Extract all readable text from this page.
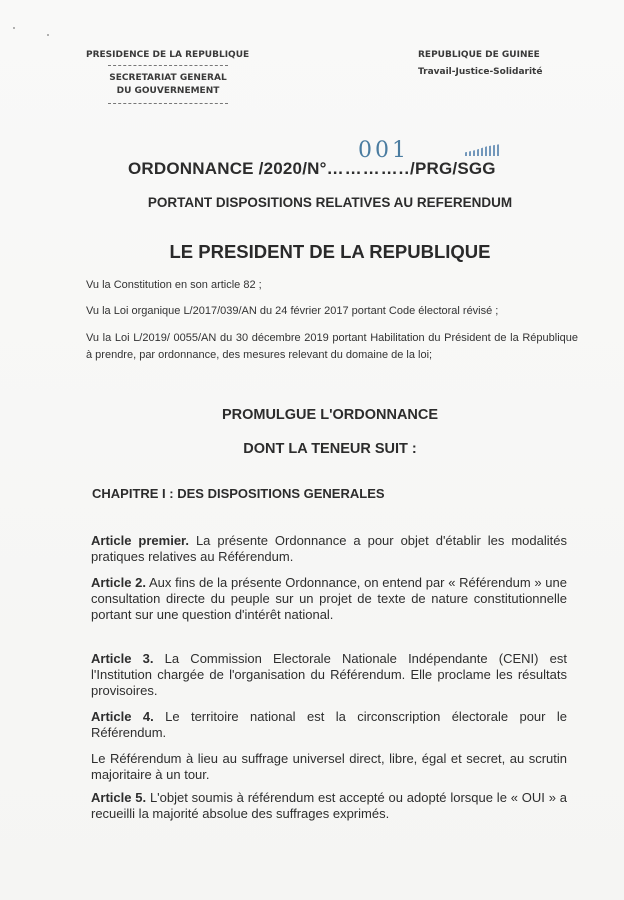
PRESIDENCE DE LA REPUBLIQUE
SECRETARIAT GENERAL
DU GOUVERNEMENT
REPUBLIQUE DE GUINEE
Travail-Justice-Solidarité
001
ORDONNANCE /2020/N°…………../PRG/SGG
PORTANT DISPOSITIONS RELATIVES AU REFERENDUM
LE PRESIDENT DE LA REPUBLIQUE
Vu la Constitution en son article 82 ;
Vu la Loi organique L/2017/039/AN du 24 février 2017 portant Code électoral révisé ;
Vu la Loi L/2019/ 0055/AN du 30 décembre 2019 portant Habilitation du Président de la République à prendre, par ordonnance, des mesures relevant du domaine de la loi;
PROMULGUE L'ORDONNANCE
DONT LA TENEUR SUIT :
CHAPITRE I : DES DISPOSITIONS GENERALES
Article premier. La présente Ordonnance a pour objet d'établir les modalités pratiques relatives au Référendum.
Article 2. Aux fins de la présente Ordonnance, on entend par « Référendum » une consultation directe du peuple sur un projet de texte de nature constitutionnelle portant sur une question d'intérêt national.
Article 3. La Commission Electorale Nationale Indépendante (CENI) est l'Institution chargée de l'organisation du Référendum. Elle proclame les résultats provisoires.
Article 4. Le territoire national est la circonscription électorale pour le Référendum.
Le Référendum à lieu au suffrage universel direct, libre, égal et secret, au scrutin majoritaire à un tour.
Article 5. L'objet soumis à référendum est accepté ou adopté lorsque le « OUI » a recueilli la majorité absolue des suffrages exprimés.
